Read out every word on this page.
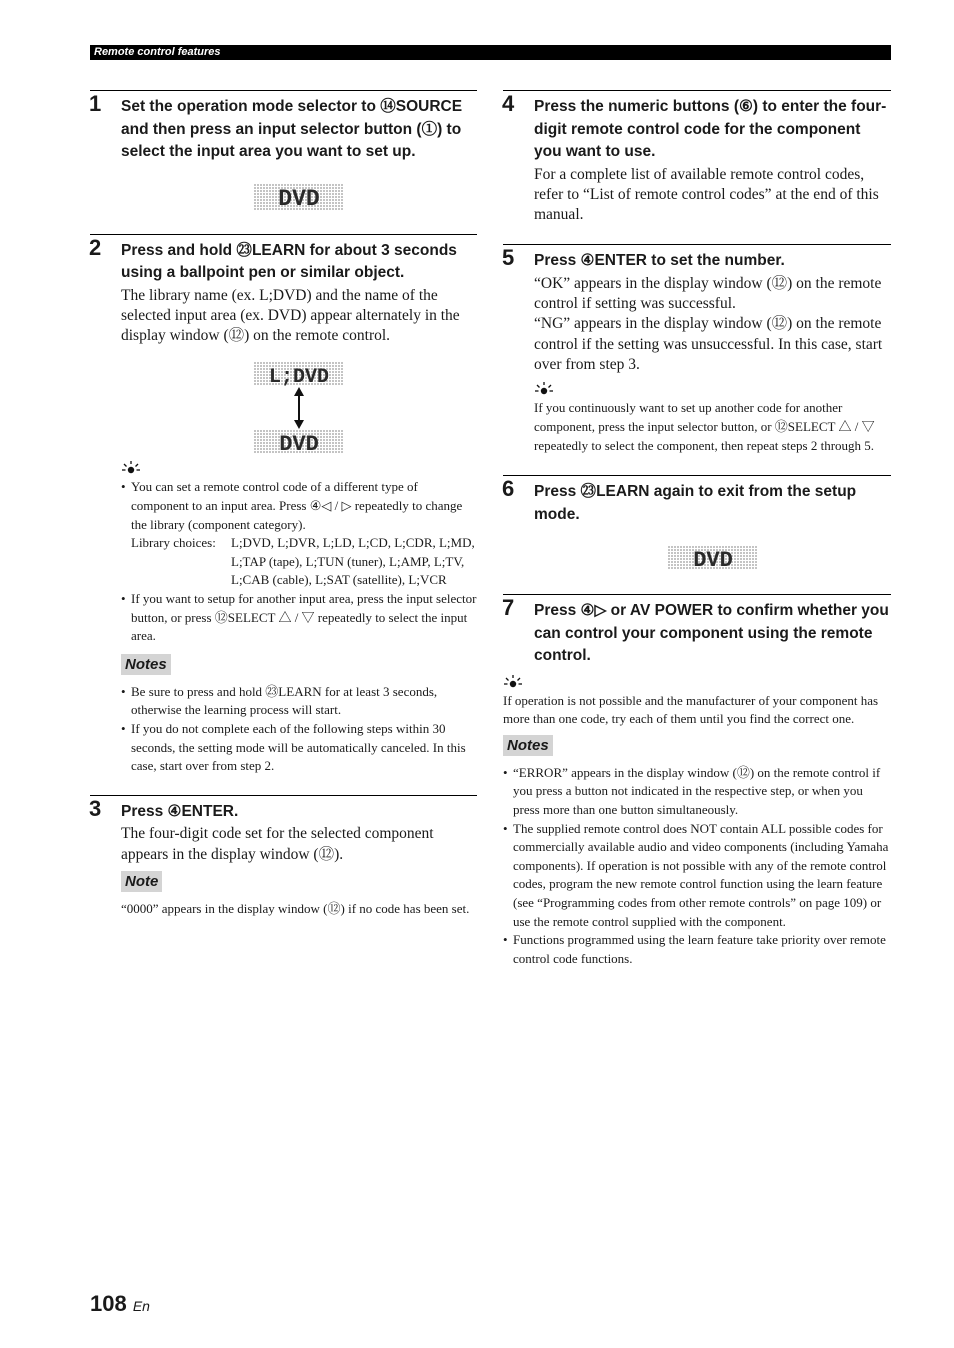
Remote control features
1 Set the operation mode selector to ⑭SOURCE and then press an input selector button (①) to select the input area you want to set up.

DVD
2 Press and hold ㉓LEARN for about 3 seconds using a ballpoint pen or similar object.

The library name (ex. L;DVD) and the name of the selected input area (ex. DVD) appear alternately in the display window (⑫) on the remote control.

L;DVD
DVD
• You can set a remote control code of a different type of component to an input area. Press ④◁ / ▷ repeatedly to change the library (component category).
Library choices:	L;DVD, L;DVR, L;LD, L;CD, L;CDR, L;MD, L;TAP (tape), L;TUN (tuner), L;AMP, L;TV, L;CAB (cable), L;SAT (satellite), L;VCR
• If you want to setup for another input area, press the input selector button, or press ⑫SELECT △ / ▽ repeatedly to select the input area.
Notes
• Be sure to press and hold ㉓LEARN for at least 3 seconds, otherwise the learning process will start.
• If you do not complete each of the following steps within 30 seconds, the setting mode will be automatically canceled. In this case, start over from step 2.
3 Press ④ENTER.

The four-digit code set for the selected component appears in the display window (⑫).

Note

“0000” appears in the display window (⑫) if no code has been set.

4 Press the numeric buttons (⑥) to enter the four-digit remote control code for the component you want to use.

For a complete list of available remote control codes, refer to “List of remote control codes” at the end of this manual.

5 Press ④ENTER to set the number.

“OK” appears in the display window (⑫) on the remote control if setting was successful.

“NG” appears in the display window (⑫) on the remote control if the setting was unsuccessful. In this case, start over from step 3.

If you continuously want to set up another code for another component, press the input selector button, or ⑫SELECT △ / ▽ repeatedly to select the component, then repeat steps 2 through 5.

6 Press ㉓LEARN again to exit from the setup mode.

DVD
7 Press ④▷ or AV POWER to confirm whether you can control your component using the remote control.

If operation is not possible and the manufacturer of your component has more than one code, try each of them until you find the correct one.

Notes
• “ERROR” appears in the display window (⑫) on the remote control if you press a button not indicated in the respective step, or when you press more than one button simultaneously.
• The supplied remote control does NOT contain ALL possible codes for commercially available audio and video components (including Yamaha components). If operation is not possible with any of the remote control codes, program the new remote control function using the learn feature (see “Programming codes from other remote controls” on page 109) or use the remote control supplied with the component.
• Functions programmed using the learn feature take priority over remote control code functions.
108 En
